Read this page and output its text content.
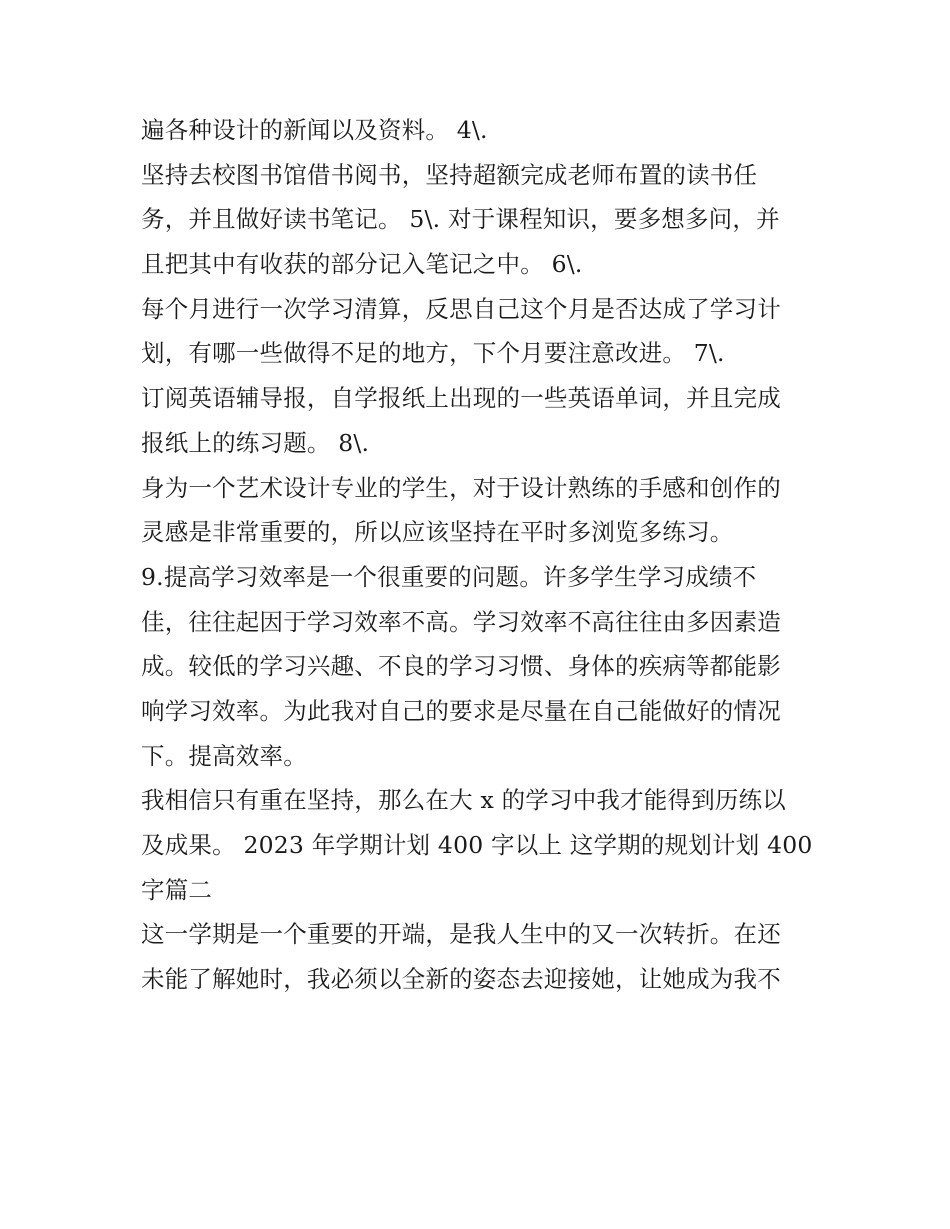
遍各种设计的新闻以及资料。 4\.
坚持去校图书馆借书阅书，坚持超额完成老师布置的读书任
务，并且做好读书笔记。 5\. 对于课程知识，要多想多问，并
且把其中有收获的部分记入笔记之中。 6\.
每个月进行一次学习清算，反思自己这个月是否达成了学习计
划，有哪一些做得不足的地方，下个月要注意改进。 7\.
订阅英语辅导报，自学报纸上出现的一些英语单词，并且完成
报纸上的练习题。 8\.
身为一个艺术设计专业的学生，对于设计熟练的手感和创作的
灵感是非常重要的，所以应该坚持在平时多浏览多练习。
9.提高学习效率是一个很重要的问题。许多学生学习成绩不
佳，往往起因于学习效率不高。学习效率不高往往由多因素造
成。较低的学习兴趣、不良的学习习惯、身体的疾病等都能影
响学习效率。为此我对自己的要求是尽量在自己能做好的情况
下。提高效率。
我相信只有重在坚持，那么在大 x 的学习中我才能得到历练以
及成果。 2023 年学期计划 400 字以上 这学期的规划计划 400
字篇二
这一学期是一个重要的开端，是我人生中的又一次转折。在还
未能了解她时，我必须以全新的姿态去迎接她，让她成为我不
